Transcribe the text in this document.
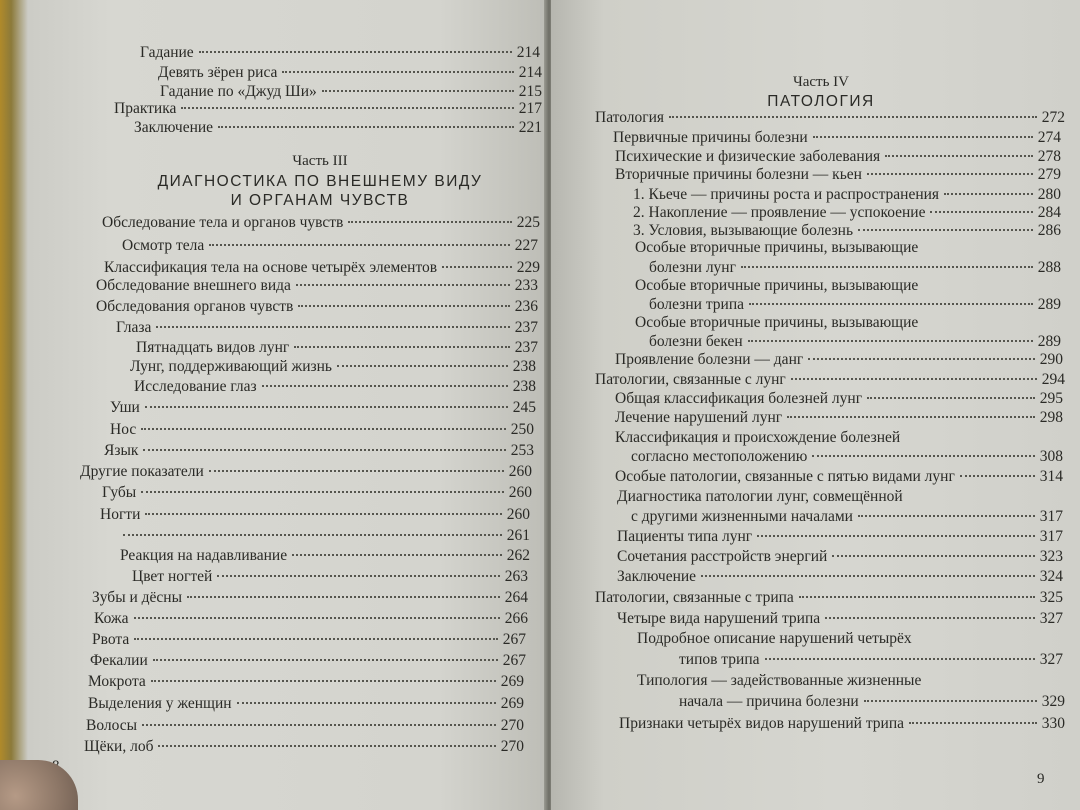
Гадание	214
Девять зёрен риса	214
Гадание по «Джуд Ши»	215
Практика	217
Заключение	221
Часть III
ДИАГНОСТИКА ПО ВНЕШНЕМУ ВИДУ
И ОРГАНАМ ЧУВСТВ
Обследование тела и органов чувств	225
Осмотр тела	227
Классификация тела на основе четырёх элементов	229
Обследование внешнего вида	233
Обследования органов чувств	236
Глаза	237
Пятнадцать видов лунг	237
Лунг, поддерживающий жизнь	238
Исследование глаз	238
Уши	245
Нос	250
Язык	253
Другие показатели	260
Губы	260
Ногти	260
261
Реакция на надавливание	262
Цвет ногтей	263
Зубы и дёсны	264
Кожа	266
Рвота	267
Фекалии	267
Мокрота	269
Выделения у женщин	269
Волосы	270
Щёки, лоб	270
Часть IV
ПАТОЛОГИЯ
Патология	272
Первичные причины болезни	274
Психические и физические заболевания	278
Вторичные причины болезни — кьен	279
1. Кьече — причины роста и распространения	280
2. Накопление — проявление — успокоение	284
3. Условия, вызывающие болезнь	286
Особые вторичные причины, вызывающие
болезни лунг	288
Особые вторичные причины, вызывающие
болезни трипа	289
Особые вторичные причины, вызывающие
болезни бекен	289
Проявление болезни — данг	290
Патологии, связанные с лунг	294
Общая классификация болезней лунг	295
Лечение нарушений лунг	298
Классификация и происхождение болезней
согласно местоположению	308
Особые патологии, связанные с пятью видами лунг	314
Диагностика патологии лунг, совмещённой
с другими жизненными началами	317
Пациенты типа лунг	317
Сочетания расстройств энергий	323
Заключение	324
Патологии, связанные с трипа	325
Четыре вида нарушений трипа	327
Подробное описание нарушений четырёх
типов трипа	327
Типология — задействованные жизненные
начала — причина болезни	329
Признаки четырёх видов нарушений трипа	330
9
